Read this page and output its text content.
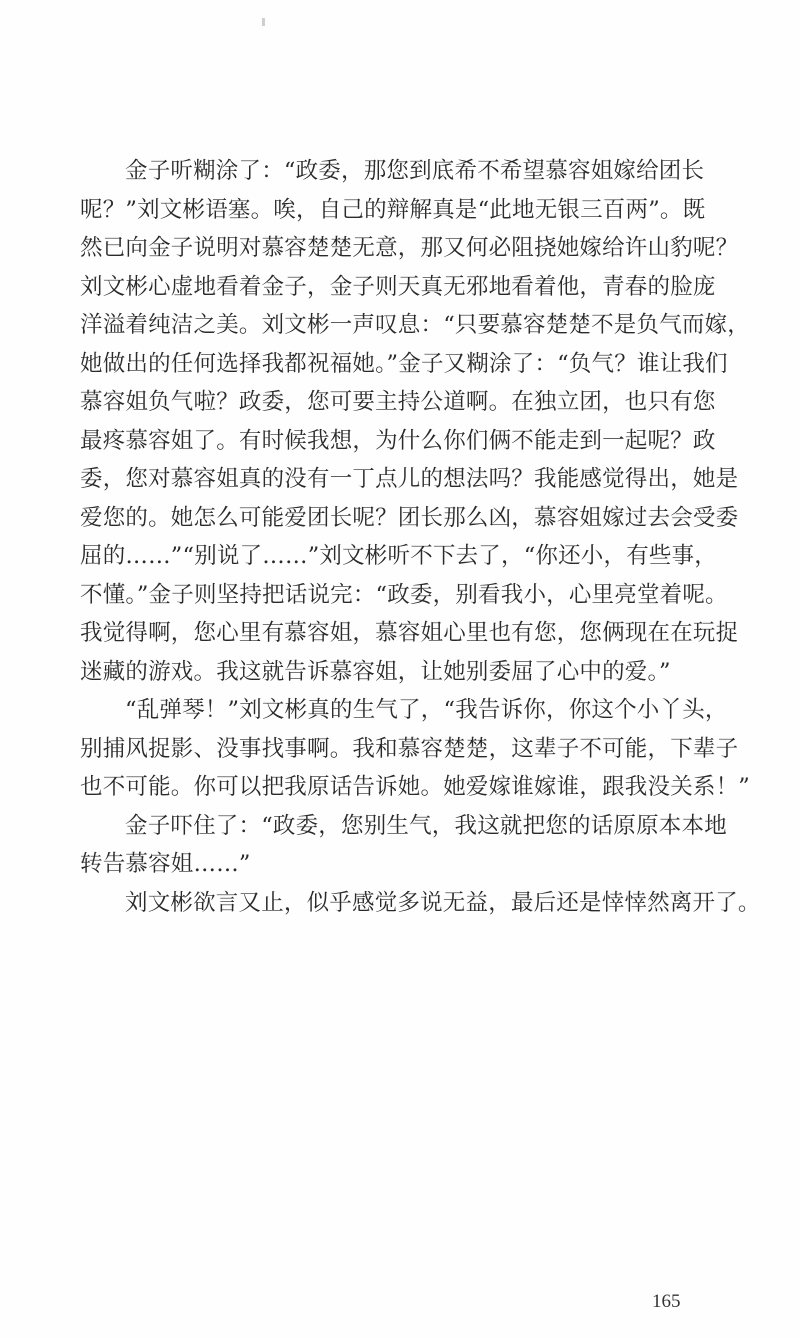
金子听糊涂了：“政委，那您到底希不希望慕容姐嫁给团长
呢？”刘文彬语塞。唉，自己的辩解真是“此地无银三百两”。既
然已向金子说明对慕容楚楚无意，那又何必阻挠她嫁给许山豹呢？
刘文彬心虚地看着金子，金子则天真无邪地看着他，青春的脸庞
洋溢着纯洁之美。刘文彬一声叹息：“只要慕容楚楚不是负气而嫁，
她做出的任何选择我都祝福她。”金子又糊涂了：“负气？谁让我们
慕容姐负气啦？政委，您可要主持公道啊。在独立团，也只有您
最疼慕容姐了。有时候我想，为什么你们俩不能走到一起呢？政
委，您对慕容姐真的没有一丁点儿的想法吗？我能感觉得出，她是
爱您的。她怎么可能爱团长呢？团长那么凶，慕容姐嫁过去会受委
屈的……”“别说了……”刘文彬听不下去了，“你还小，有些事，
不懂。”金子则坚持把话说完：“政委，别看我小，心里亮堂着呢。
我觉得啊，您心里有慕容姐，慕容姐心里也有您，您俩现在在玩捉
迷藏的游戏。我这就告诉慕容姐，让她别委屈了心中的爱。”

“乱弹琴！”刘文彬真的生气了，“我告诉你，你这个小丫头，
别捕风捉影、没事找事啊。我和慕容楚楚，这辈子不可能，下辈子
也不可能。你可以把我原话告诉她。她爱嫁谁嫁谁，跟我没关系！”

金子吓住了：“政委，您别生气，我这就把您的话原原本本地
转告慕容姐……”

刘文彬欲言又止，似乎感觉多说无益，最后还是悻悻然离开了。

165
